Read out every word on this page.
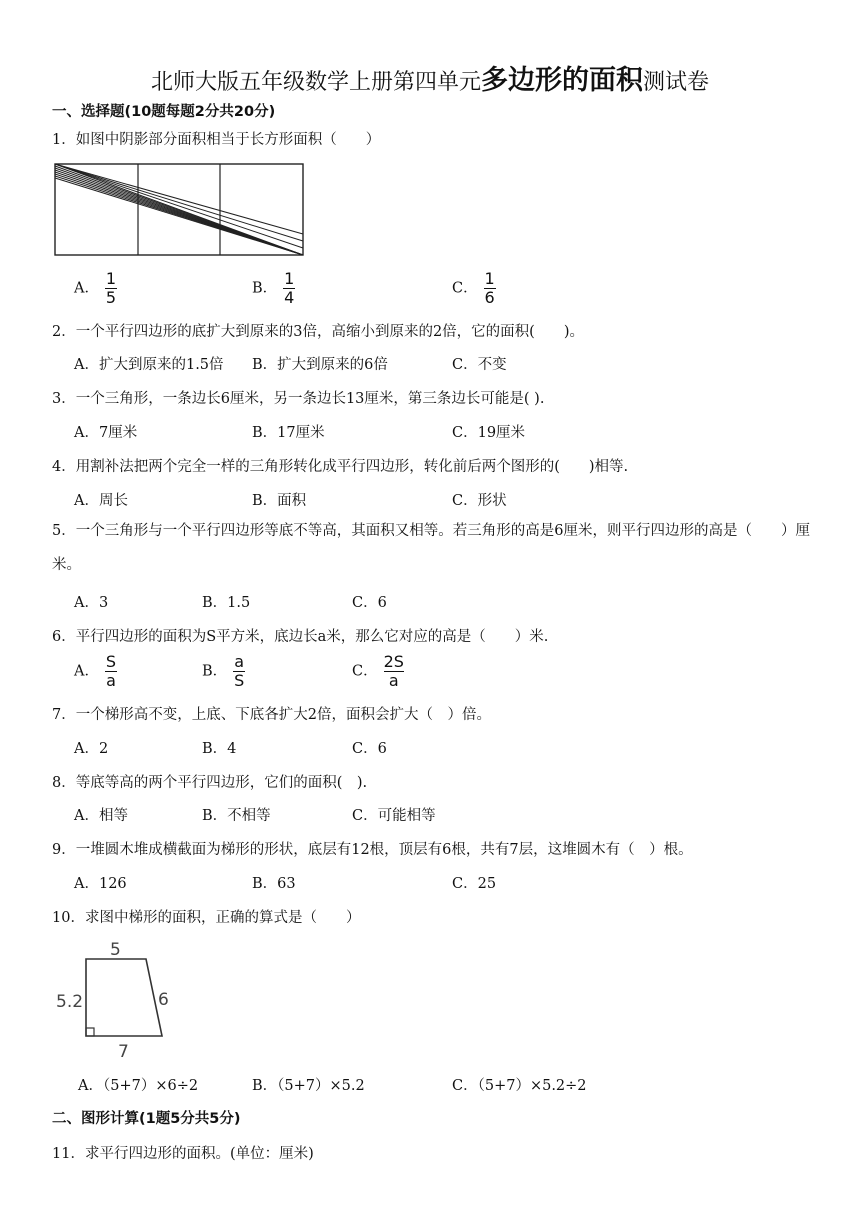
北师大版五年级数学上册第四单元多边形的面积测试卷
一、选择题(10题每题2分共20分)
1．如图中阴影部分面积相当于长方形面积（　　）
A． $\frac{1}{5}$	B． $\frac{1}{4}$	C． $\frac{1}{6}$
2．一个平行四边形的底扩大到原来的3倍，高缩小到原来的2倍，它的面积(　　)。
A．扩大到原来的1.5倍 B．扩大到原来的6倍	C．不变
3．一个三角形，一条边长6厘米，另一条边长13厘米，第三条边长可能是( ).
A．7厘米	B．17厘米	C．19厘米
4．用割补法把两个完全一样的三角形转化成平行四边形，转化前后两个图形的(　　)相等.
A．周长	B．面积	C．形状
5．一个三角形与一个平行四边形等底不等高，其面积又相等。若三角形的高是6厘米，则平行四边形的高是（　　）厘米。
A．3	B．1.5	C．6
6．平行四边形的面积为S平方米，底边长a米，那么它对应的高是（　　）米.
A． $\frac{S}{a}$	B． $\frac{a}{S}$	C． $\frac{2S}{a}$
7．一个梯形高不变，上底、下底各扩大2倍，面积会扩大（　）倍。
A．2	B．4	C．6
8．等底等高的两个平行四边形，它们的面积(　).
A．相等	B．不相等	C．可能相等
9．一堆圆木堆成横截面为梯形的形状，底层有12根，顶层有6根，共有7层，这堆圆木有（　）根。
A．126	B．63	C．25
10．求图中梯形的面积，正确的算式是（　　）
5
5.2	6
7
A．（5+7）×6÷2	B．（5+7）×5.2	C．（5+7）×5.2÷2
二、图形计算(1题5分共5分)
11．求平行四边形的面积。(单位：厘米)
